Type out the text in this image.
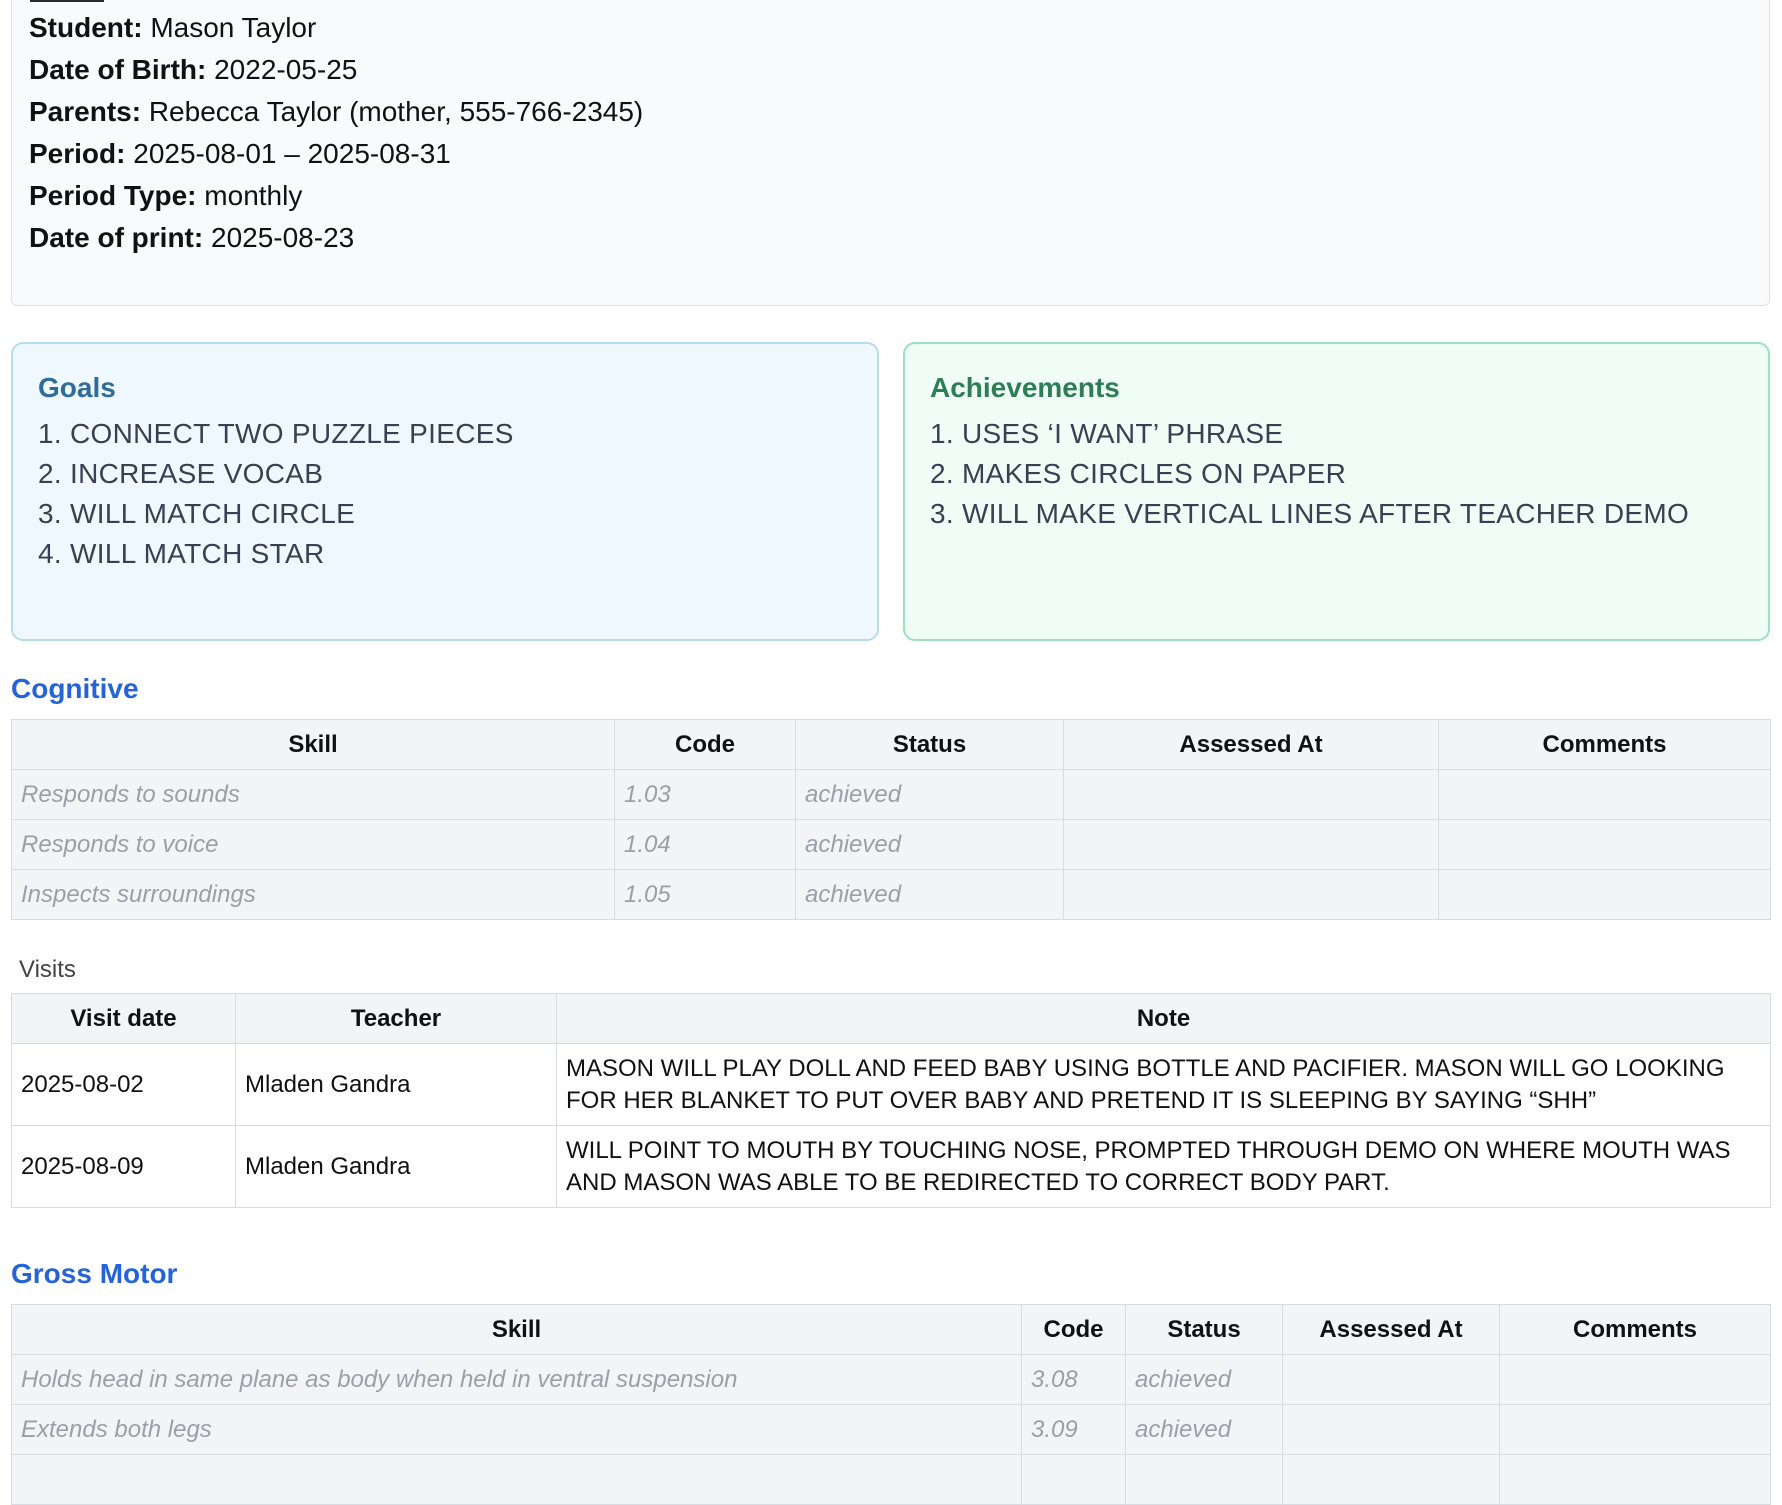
Student: Mason Taylor
Date of Birth: 2022-05-25
Parents: Rebecca Taylor (mother, 555-766-2345)
Period: 2025-08-01 – 2025-08-31
Period Type: monthly
Date of print: 2025-08-23
Goals
1. CONNECT TWO PUZZLE PIECES
2. INCREASE VOCAB
3. WILL MATCH CIRCLE
4. WILL MATCH STAR
Achievements
1. USES ‘I WANT’ PHRASE
2. MAKES CIRCLES ON PAPER
3. WILL MAKE VERTICAL LINES AFTER TEACHER DEMO
Cognitive
Skill	Code	Status	Assessed At	Comments
Responds to sounds	1.03	achieved		
Responds to voice	1.04	achieved		
Inspects surroundings	1.05	achieved		
Visits
Visit date	Teacher	Note
2025-08-02	Mladen Gandra	MASON WILL PLAY DOLL AND FEED BABY USING BOTTLE AND PACIFIER. MASON WILL GO LOOKING FOR HER BLANKET TO PUT OVER BABY AND PRETEND IT IS SLEEPING BY SAYING “SHH”
2025-08-09	Mladen Gandra	WILL POINT TO MOUTH BY TOUCHING NOSE, PROMPTED THROUGH DEMO ON WHERE MOUTH WAS AND MASON WAS ABLE TO BE REDIRECTED TO CORRECT BODY PART.
Gross Motor
Skill	Code	Status	Assessed At	Comments
Holds head in same plane as body when held in ventral suspension	3.08	achieved		
Extends both legs	3.09	achieved		
